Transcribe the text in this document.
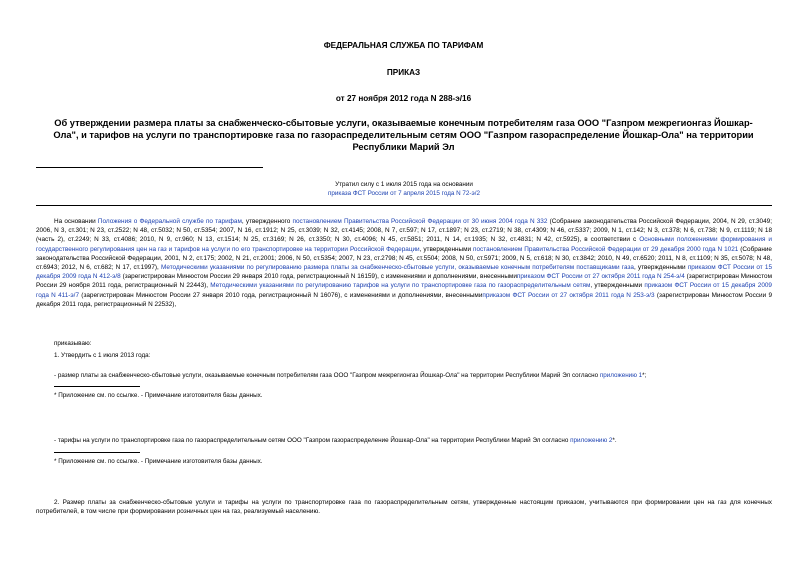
ФЕДЕРАЛЬНАЯ СЛУЖБА ПО ТАРИФАМ
ПРИКАЗ
от 27 ноября 2012 года N 288-э/16
Об утверждении размера платы за снабженческо-сбытовые услуги, оказываемые конечным потребителям газа ООО "Газпром межрегионгаз Йошкар-Ола", и тарифов на услуги по транспортировке газа по газораспределительным сетям ООО "Газпром газораспределение Йошкар-Ола" на территории Республики Марий Эл
Утратил силу с 1 июля 2015 года на основании
приказа ФСТ России от 7 апреля 2015 года N 72-э/2
На основании Положения о Федеральной службе по тарифам, утвержденного постановлением Правительства Российской Федерации от 30 июня 2004 года N 332 (Собрание законодательства Российской Федерации, 2004, N 29, ст.3049; 2006, N 3, ст.301; N 23, ст.2522; N 48, ст.5032; N 50, ст.5354; 2007, N 16, ст.1912; N 25, ст.3039; N 32, ст.4145; 2008, N 7, ст.597; N 17, ст.1897; N 23, ст.2719; N 38, ст.4309; N 46, ст.5337; 2009, N 1, ст.142; N 3, ст.378; N 6, ст.738; N 9, ст.1119; N 18 (часть 2), ст.2249; N 33, ст.4086; 2010, N 9, ст.960; N 13, ст.1514; N 25, ст.3169; N 26, ст.3350; N 30, ст.4096; N 45, ст.5851; 2011, N 14, ст.1935; N 32, ст.4831; N 42, ст.5925), в соответствии с Основными положениями формирования и государственного регулирования цен на газ и тарифов на услуги по его транспортировке на территории Российской Федерации, утвержденными постановлением Правительства Российской Федерации от 29 декабря 2000 года N 1021 (Собрание законодательства Российской Федерации, 2001, N 2, ст.175; 2002, N 21, ст.2001; 2006, N 50, ст.5354; 2007, N 23, ст.2798; N 45, ст.5504; 2008, N 50, ст.5971; 2009, N 5, ст.618; N 30, ст.3842; 2010, N 49, ст.6520; 2011, N 8, ст.1109; N 35, ст.5078; N 48, ст.6943; 2012, N 6, ст.682; N 17, ст.1997), Методическими указаниями по регулированию размера платы за снабженческо-сбытовые услуги, оказываемые конечным потребителям поставщиками газа, утвержденными приказом ФСТ России от 15 декабря 2009 года N 412-э/8 (зарегистрирован Минюстом России 29 января 2010 года, регистрационный N 16159), с изменениями и дополнениями, внесеннымиприказом ФСТ России от 27 октября 2011 года N 254-э/4 (зарегистрирован Минюстом России 29 ноября 2011 года, регистрационный N 22443), Методическими указаниями по регулированию тарифов на услуги по транспортировке газа по газораспределительным сетям, утвержденными приказом ФСТ России от 15 декабря 2009 года N 411-э/7 (зарегистрирован Минюстом России 27 января 2010 года, регистрационный N 16076), с изменениями и дополнениями, внесеннымиприказом ФСТ России от 27 октября 2011 года N 253-э/3 (зарегистрирован Минюстом России 9 декабря 2011 года, регистрационный N 22532),
приказываю:
1. Утвердить с 1 июля 2013 года:
- размер платы за снабженческо-сбытовые услуги, оказываемые конечным потребителям газа ООО "Газпром межрегионгаз Йошкар-Ола" на территории Республики Марий Эл согласно приложению 1*;
* Приложение см. по ссылке. - Примечание изготовителя базы данных.
- тарифы на услуги по транспортировке газа по газораспределительным сетям ООО "Газпром газораспределение Йошкар-Ола" на территории Республики Марий Эл согласно приложению 2*.
* Приложение см. по ссылке. - Примечание изготовителя базы данных.
2. Размер платы за снабженческо-сбытовые услуги и тарифы на услуги по транспортировке газа по газораспределительным сетям, утвержденные настоящим приказом, учитываются при формировании цен на газ для конечных потребителей, в том числе при формировании розничных цен на газ, реализуемый населению.
